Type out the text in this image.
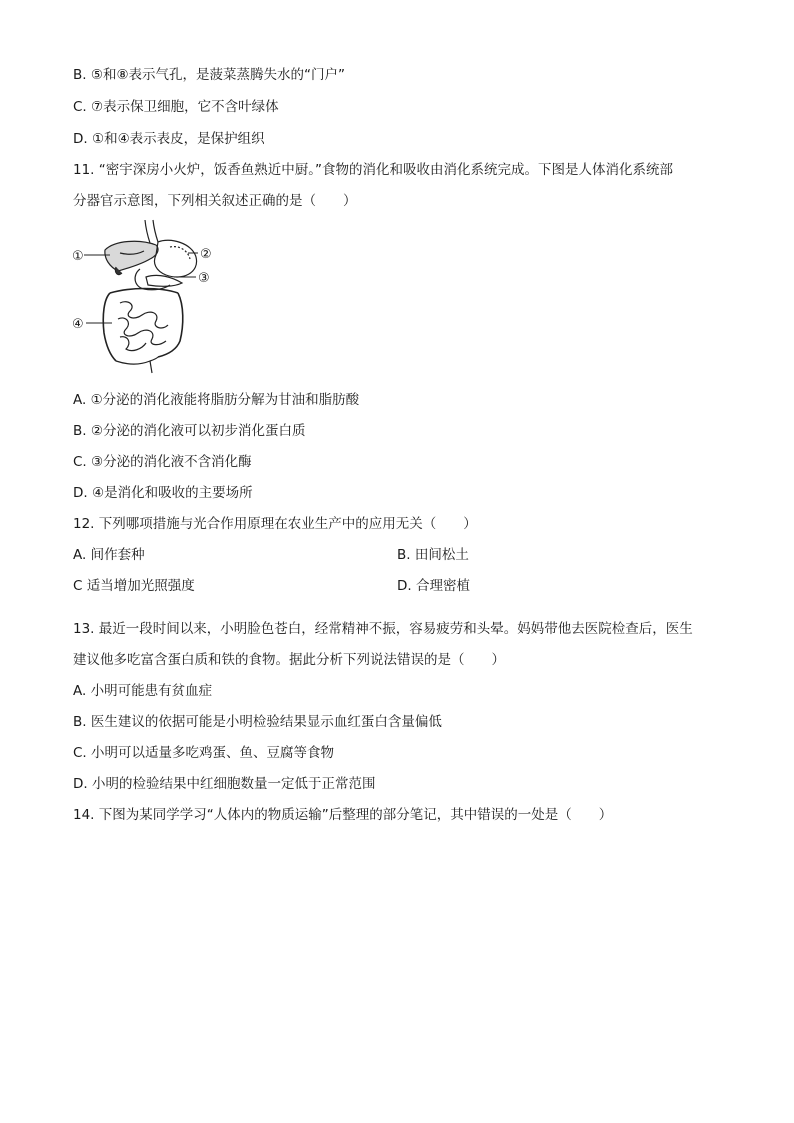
B. ⑤和⑧表示气孔，是菠菜蒸腾失水的“门户”
C. ⑦表示保卫细胞，它不含叶绿体
D. ①和④表示表皮，是保护组织
11. “密宇深房小火炉，饭香鱼熟近中厨。”食物的消化和吸收由消化系统完成。下图是人体消化系统部
分器官示意图，下列相关叙述正确的是（　　）
①	②
③
④
A. ①分泌的消化液能将脂肪分解为甘油和脂肪酸
B. ②分泌的消化液可以初步消化蛋白质
C. ③分泌的消化液不含消化酶
D. ④是消化和吸收的主要场所
12. 下列哪项措施与光合作用原理在农业生产中的应用无关（　　）
A. 间作套种	B. 田间松土
C 适当增加光照强度	D. 合理密植
13. 最近一段时间以来，小明脸色苍白，经常精神不振，容易疲劳和头晕。妈妈带他去医院检查后，医生
建议他多吃富含蛋白质和铁的食物。据此分析下列说法错误的是（　　）
A. 小明可能患有贫血症
B. 医生建议的依据可能是小明检验结果显示血红蛋白含量偏低
C. 小明可以适量多吃鸡蛋、鱼、豆腐等食物
D. 小明的检验结果中红细胞数量一定低于正常范围
14. 下图为某同学学习“人体内的物质运输”后整理的部分笔记，其中错误的一处是（　　）
